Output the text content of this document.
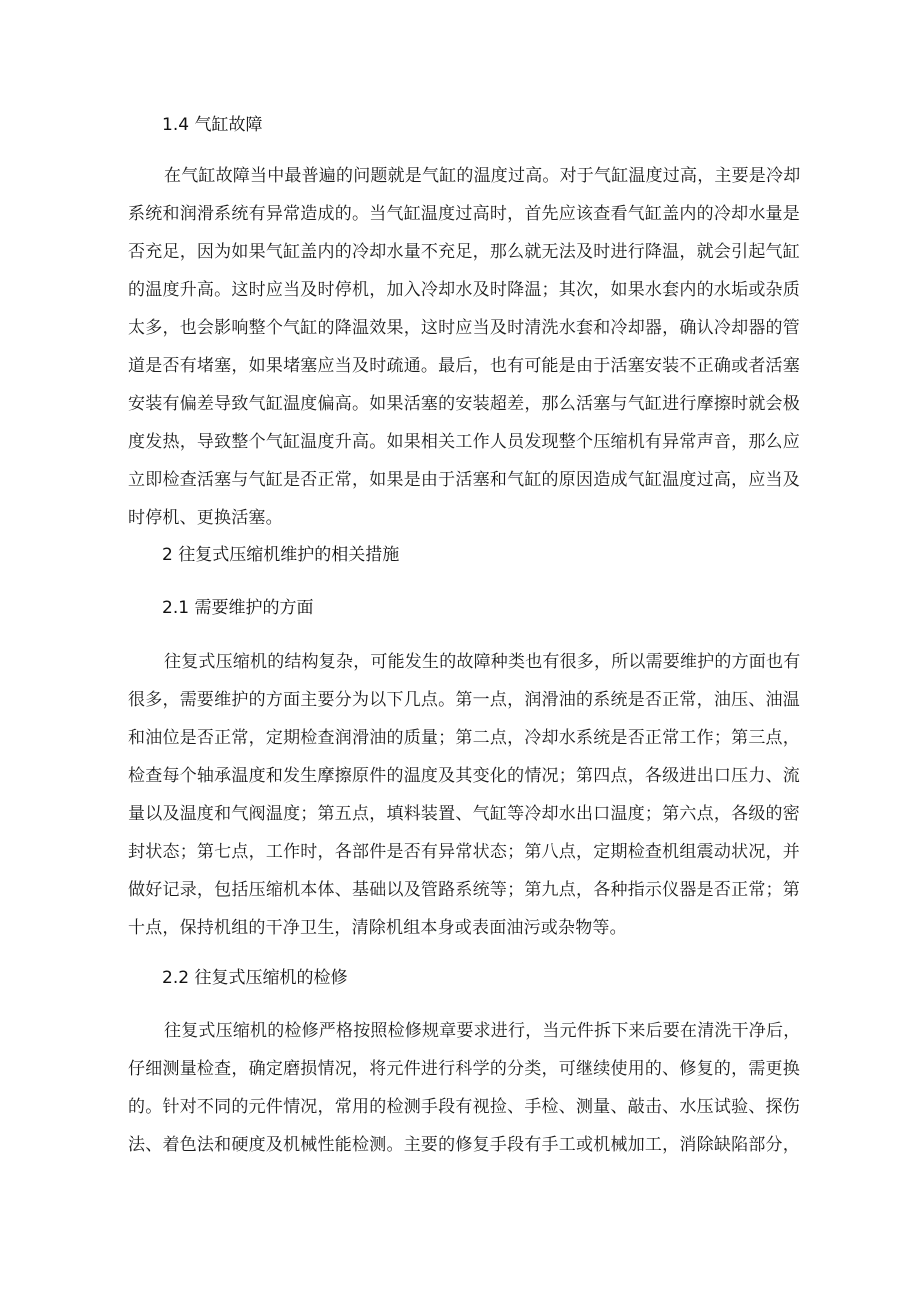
1.4 气缸故障
在气缸故障当中最普遍的问题就是气缸的温度过高。对于气缸温度过高，主要是冷却
系统和润滑系统有异常造成的。当气缸温度过高时，首先应该查看气缸盖内的冷却水量是
否充足，因为如果气缸盖内的冷却水量不充足，那么就无法及时进行降温，就会引起气缸
的温度升高。这时应当及时停机，加入冷却水及时降温；其次，如果水套内的水垢或杂质
太多，也会影响整个气缸的降温效果，这时应当及时清洗水套和冷却器，确认冷却器的管
道是否有堵塞，如果堵塞应当及时疏通。最后，也有可能是由于活塞安装不正确或者活塞
安装有偏差导致气缸温度偏高。如果活塞的安装超差，那么活塞与气缸进行摩擦时就会极
度发热，导致整个气缸温度升高。如果相关工作人员发现整个压缩机有异常声音，那么应
立即检查活塞与气缸是否正常，如果是由于活塞和气缸的原因造成气缸温度过高，应当及
时停机、更换活塞。
2 往复式压缩机维护的相关措施
2.1 需要维护的方面
往复式压缩机的结构复杂，可能发生的故障种类也有很多，所以需要维护的方面也有
很多，需要维护的方面主要分为以下几点。第一点，润滑油的系统是否正常，油压、油温
和油位是否正常，定期检查润滑油的质量；第二点，冷却水系统是否正常工作；第三点，
检查每个轴承温度和发生摩擦原件的温度及其变化的情况；第四点，各级进出口压力、流
量以及温度和气阀温度；第五点，填料装置、气缸等冷却水出口温度；第六点，各级的密
封状态；第七点，工作时，各部件是否有异常状态；第八点，定期检查机组震动状况，并
做好记录，包括压缩机本体、基础以及管路系统等；第九点，各种指示仪器是否正常；第
十点，保持机组的干净卫生，清除机组本身或表面油污或杂物等。
2.2 往复式压缩机的检修
往复式压缩机的检修严格按照检修规章要求进行，当元件拆下来后要在清洗干净后，
仔细测量检查，确定磨损情况，将元件进行科学的分类，可继续使用的、修复的，需更换
的。针对不同的元件情况，常用的检测手段有视捡、手检、测量、敲击、水压试验、探伤
法、着色法和硬度及机械性能检测。主要的修复手段有手工或机械加工，消除缺陷部分，
